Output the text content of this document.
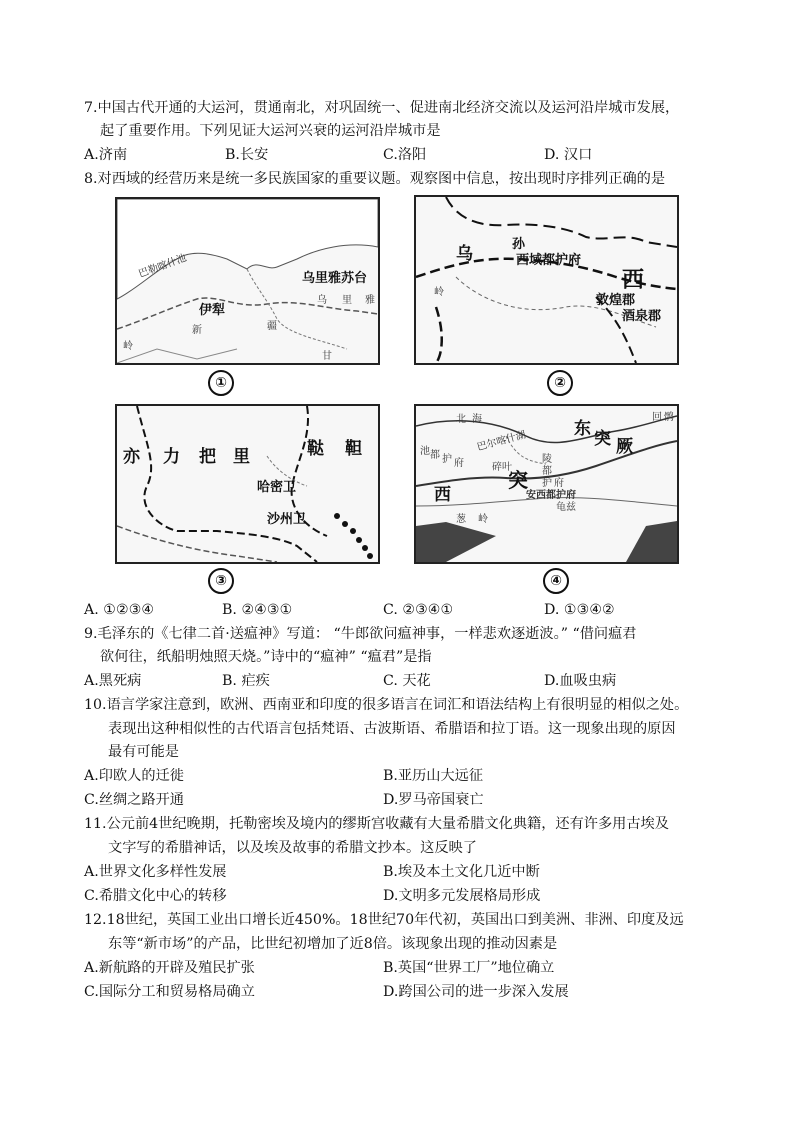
7.中国古代开通的大运河，贯通南北，对巩固统一、促进南北经济交流以及运河沿岸城市发展，
起了重要作用。下列见证大运河兴衰的运河沿岸城市是
A.济南	B.长安	C.洛阳	D. 汉口
8.对西域的经营历来是统一多民族国家的重要议题。观察图中信息，按出现时序排列正确的是
巴勒喀什池	乌里雅苏台
伊犁
乌 里 雅
新	疆
岭
甘
①
乌	孙
西域都护府
西
敦煌郡
酒泉郡
岭
②
亦 力 把 里	鞑 靼
哈密卫
沙州卫
③
北 海
巴尔喀什湖
东 突 厥
池 都 护 府	碎叶
突
陵
都
护 府
安西都护府
龟兹
西
葱 岭
回 鹘
④
A. ①②③④	B. ②④③①	C. ②③④①	D. ①③④②
9.毛泽东的《七律二首·送瘟神》写道： “牛郎欲问瘟神事，一样悲欢逐逝波。” “借问瘟君
欲何往，纸船明烛照天烧。”诗中的“瘟神” “瘟君”是指
A.黑死病	B. 疟疾	C. 天花	D.血吸虫病
10.语言学家注意到，欧洲、西南亚和印度的很多语言在词汇和语法结构上有很明显的相似之处。
表现出这种相似性的古代语言包括梵语、古波斯语、希腊语和拉丁语。这一现象出现的原因
最有可能是
A.印欧人的迁徙	B.亚历山大远征
C.丝绸之路开通	D.罗马帝国衰亡
11.公元前4世纪晚期，托勒密埃及境内的缪斯宫收藏有大量希腊文化典籍，还有许多用古埃及
文字写的希腊神话，以及埃及故事的希腊文抄本。这反映了
A.世界文化多样性发展	B.埃及本土文化几近中断
C.希腊文化中心的转移	D.文明多元发展格局形成
12.18世纪，英国工业出口增长近450%。18世纪70年代初，英国出口到美洲、非洲、印度及远
东等“新市场”的产品，比世纪初增加了近8倍。该现象出现的推动因素是
A.新航路的开辟及殖民扩张	B.英国“世界工厂”地位确立
C.国际分工和贸易格局确立	D.跨国公司的进一步深入发展
